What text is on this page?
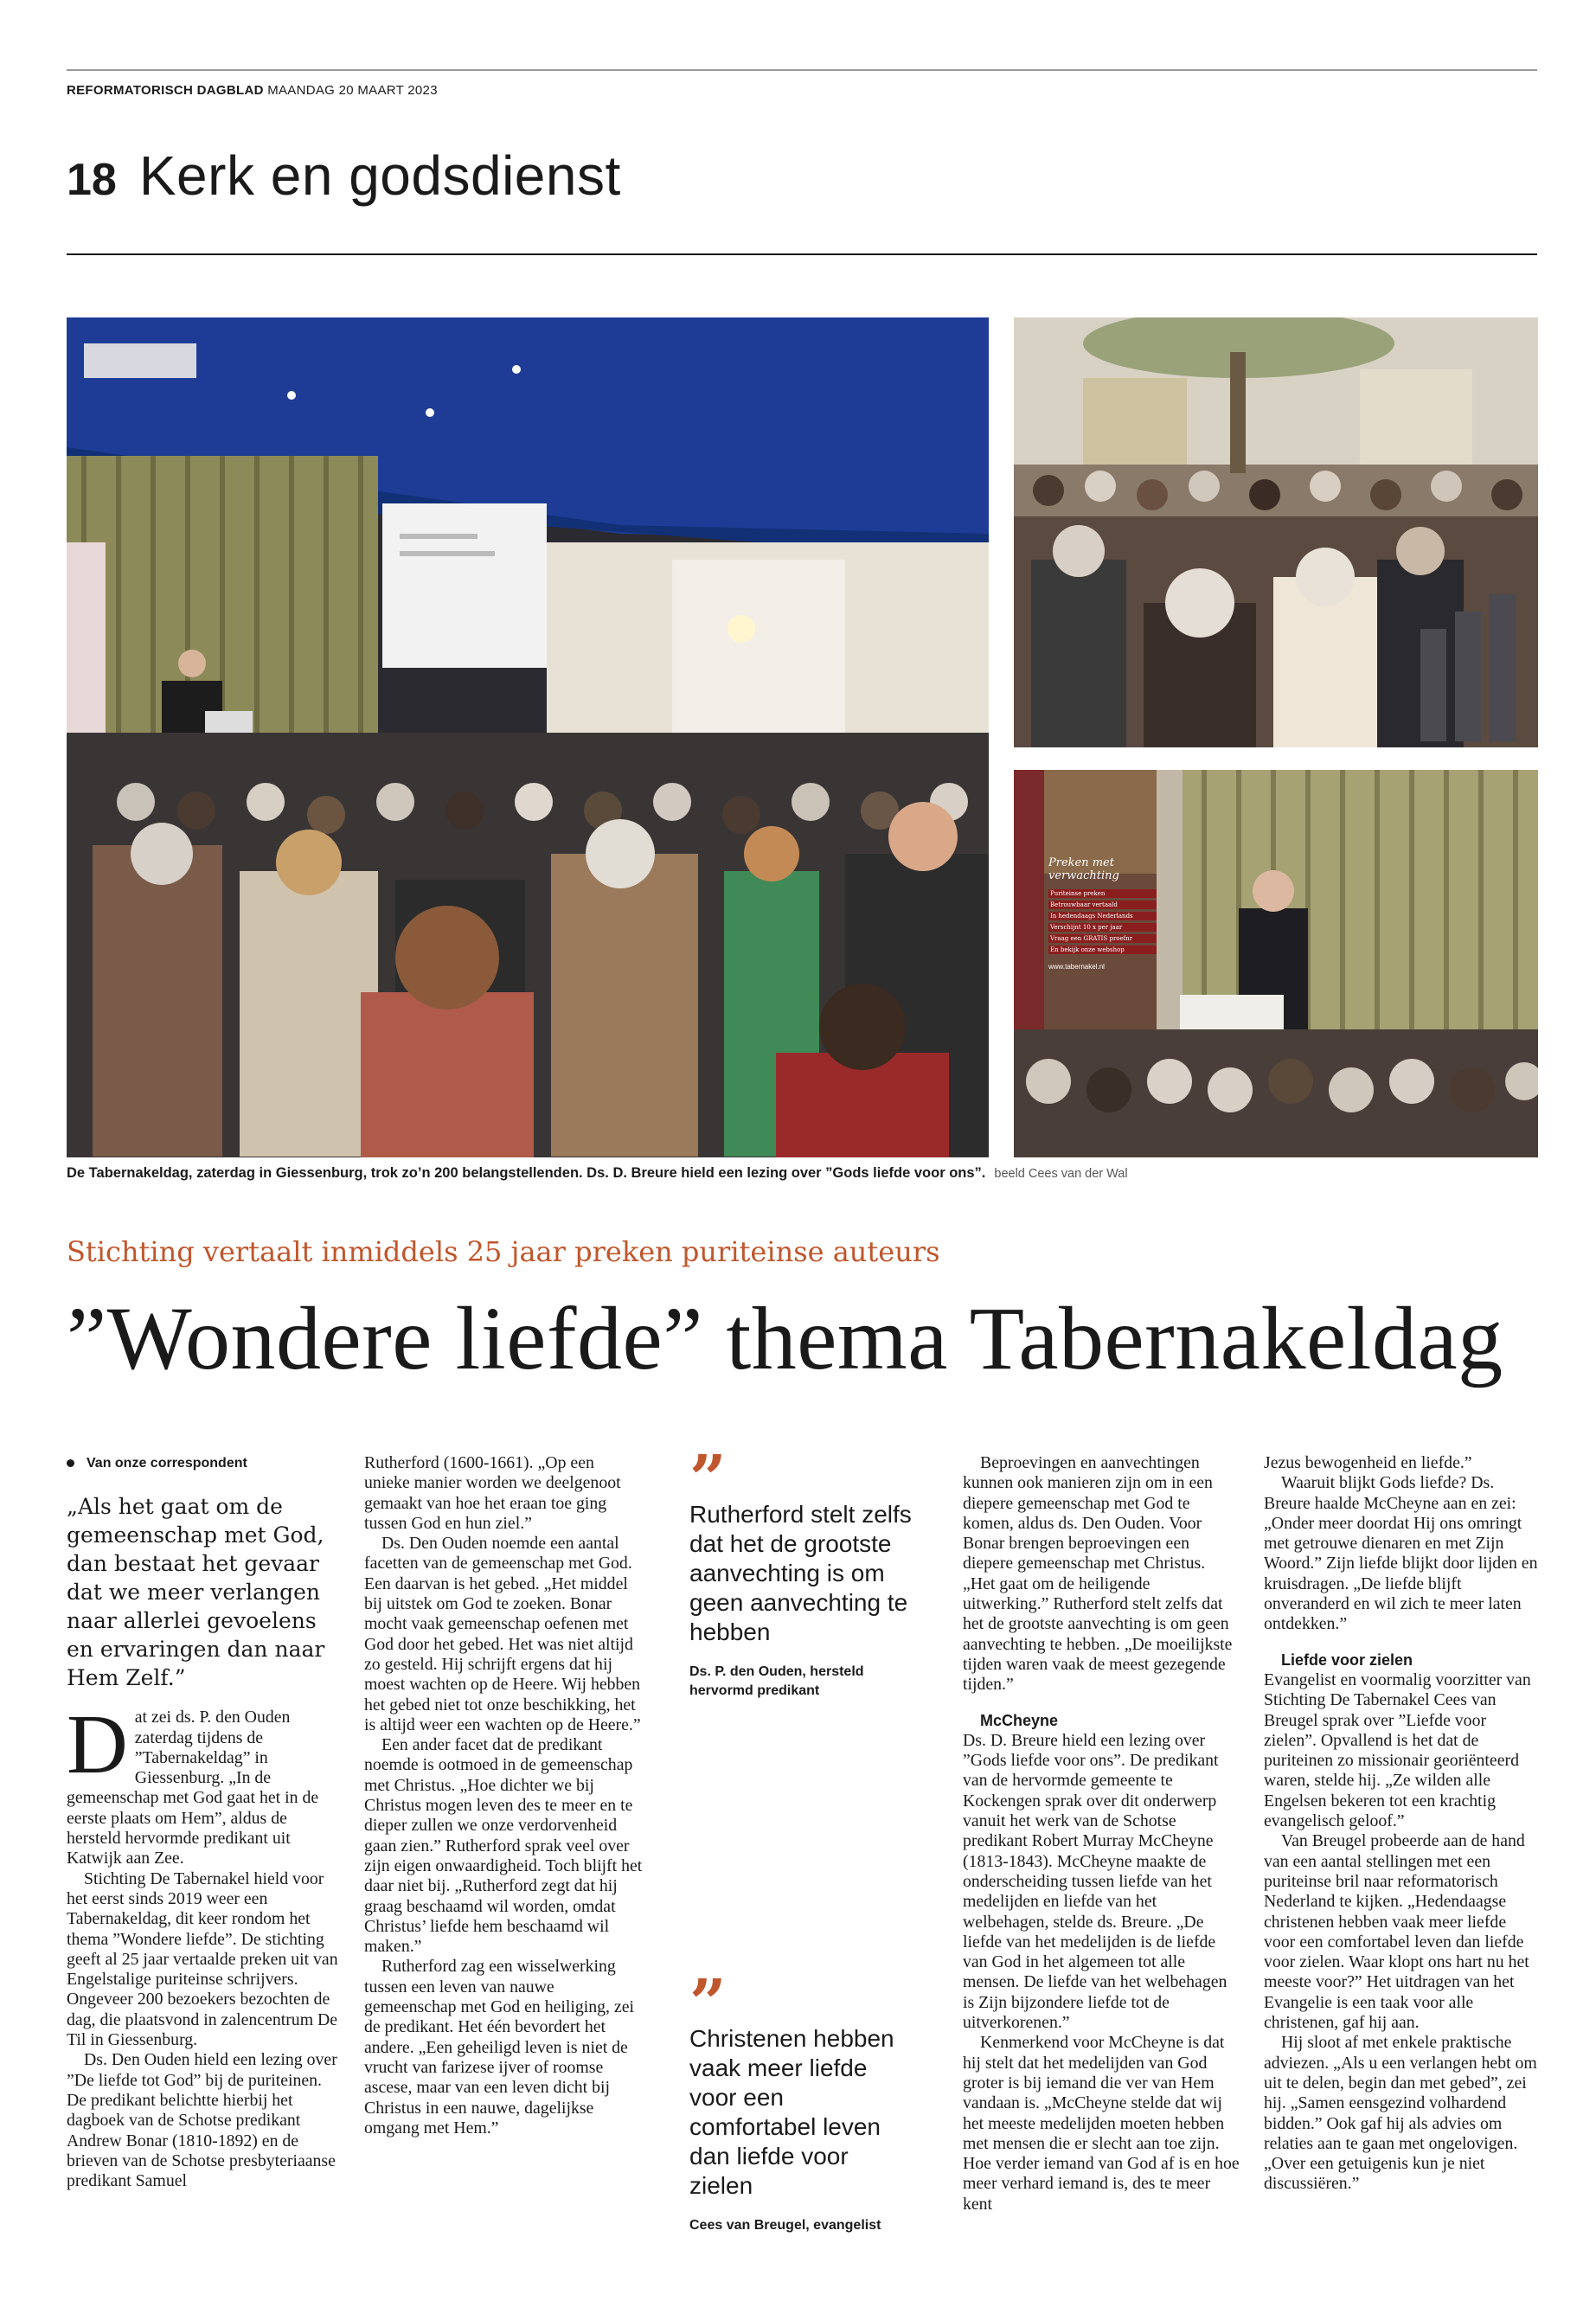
REFORMATORISCH DAGBLAD MAANDAG 20 MAART 2023
18 Kerk en godsdienst
Preken met verwachting
Puriteinse preken
Betrouwbaar vertaald
In hedendaags Nederlands
Verschijnt 10 x per jaar
Vraag een GRATIS proefnr
En bekijk onze webshop
www.tabernakel.nl
De Tabernakeldag, zaterdag in Giessenburg, trok zo’n 200 belangstellenden. Ds. D. Breure hield een lezing over ”Gods liefde voor ons”. beeld Cees van der Wal
Stichting vertaalt inmiddels 25 jaar preken puriteinse auteurs
”Wondere liefde” thema Tabernakeldag
Van onze correspondent
„Als het gaat om de gemeenschap met God, dan bestaat het gevaar dat we meer verlangen naar allerlei gevoelens en ervaringen dan naar Hem Zelf.”

Dat zei ds. P. den Ouden zaterdag tijdens de ”Tabernakeldag” in Giessenburg. „In de gemeenschap met God gaat het in de eerste plaats om Hem”, aldus de hersteld hervormde predikant uit Katwijk aan Zee.

Stichting De Tabernakel hield voor het eerst sinds 2019 weer een Tabernakeldag, dit keer rondom het thema ”Wondere liefde”. De stichting geeft al 25 jaar vertaalde preken uit van Engelstalige puriteinse schrijvers. Ongeveer 200 bezoekers bezochten de dag, die plaatsvond in zalencentrum De Til in Giessenburg.

Ds. Den Ouden hield een lezing over ”De liefde tot God” bij de puriteinen. De predikant belichtte hierbij het dagboek van de Schotse predikant Andrew Bonar (1810-1892) en de brieven van de Schotse presbyteriaanse predikant Samuel

Rutherford (1600-1661). „Op een unieke manier worden we deelgenoot gemaakt van hoe het eraan toe ging tussen God en hun ziel.”

Ds. Den Ouden noemde een aantal facetten van de gemeenschap met God. Een daarvan is het gebed. „Het middel bij uitstek om God te zoeken. Bonar mocht vaak gemeenschap oefenen met God door het gebed. Het was niet altijd zo gesteld. Hij schrijft ergens dat hij moest wachten op de Heere. Wij hebben het gebed niet tot onze beschikking, het is altijd weer een wachten op de Heere.”

Een ander facet dat de predikant noemde is ootmoed in de gemeenschap met Christus. „Hoe dichter we bij Christus mogen leven des te meer en te dieper zullen we onze verdorvenheid gaan zien.” Rutherford sprak veel over zijn eigen onwaardigheid. Toch blijft het daar niet bij. „Rutherford zegt dat hij graag beschaamd wil worden, omdat Christus’ liefde hem beschaamd wil maken.”

Rutherford zag een wisselwerking tussen een leven van nauwe gemeenschap met God en heiliging, zei de predikant. Het één bevordert het andere. „Een geheiligd leven is niet de vrucht van farizese ijver of roomse ascese, maar van een leven dicht bij Christus in een nauwe, dagelijkse omgang met Hem.”

”
Rutherford stelt zelfs dat het de grootste aanvechting is om geen aanvechting te hebben
Ds. P. den Ouden, hersteld hervormd predikant
”
Christenen hebben vaak meer liefde voor een comfortabel leven dan liefde voor zielen
Cees van Breugel, evangelist

Beproevingen en aanvechtingen kunnen ook manieren zijn om in een diepere gemeenschap met God te komen, aldus ds. Den Ouden. Voor Bonar brengen beproevingen een diepere gemeenschap met Christus. „Het gaat om de heiligende uitwerking.” Rutherford stelt zelfs dat het de grootste aanvechting is om geen aanvechting te hebben. „De moeilijkste tijden waren vaak de meest gezegende tijden.”

McCheyne

Ds. D. Breure hield een lezing over ”Gods liefde voor ons”. De predikant van de hervormde gemeente te Kockengen sprak over dit onderwerp vanuit het werk van de Schotse predikant Robert Murray McCheyne (1813-1843). McCheyne maakte de onderscheiding tussen liefde van het medelijden en liefde van het welbehagen, stelde ds. Breure. „De liefde van het medelijden is de liefde van God in het algemeen tot alle mensen. De liefde van het welbehagen is Zijn bijzondere liefde tot de uitverkorenen.”

Kenmerkend voor McCheyne is dat hij stelt dat het medelijden van God groter is bij iemand die ver van Hem vandaan is. „McCheyne stelde dat wij het meeste medelijden moeten hebben met mensen die er slecht aan toe zijn. Hoe verder iemand van God af is en hoe meer verhard iemand is, des te meer kent

Jezus bewogenheid en liefde.”

Waaruit blijkt Gods liefde? Ds. Breure haalde McCheyne aan en zei: „Onder meer doordat Hij ons omringt met getrouwe dienaren en met Zijn Woord.” Zijn liefde blijkt door lijden en kruisdragen. „De liefde blijft onveranderd en wil zich te meer laten ontdekken.”

Liefde voor zielen

Evangelist en voormalig voorzitter van Stichting De Tabernakel Cees van Breugel sprak over ”Liefde voor zielen”. Opvallend is het dat de puriteinen zo missionair georiënteerd waren, stelde hij. „Ze wilden alle Engelsen bekeren tot een krachtig evangelisch geloof.”

Van Breugel probeerde aan de hand van een aantal stellingen met een puriteinse bril naar reformatorisch Nederland te kijken. „Hedendaagse christenen hebben vaak meer liefde voor een comfortabel leven dan liefde voor zielen. Waar klopt ons hart nu het meeste voor?” Het uitdragen van het Evangelie is een taak voor alle christenen, gaf hij aan.

Hij sloot af met enkele praktische adviezen. „Als u een verlangen hebt om uit te delen, begin dan met gebed”, zei hij. „Samen eensgezind volhardend bidden.” Ook gaf hij als advies om relaties aan te gaan met ongelovigen. „Over een getuigenis kun je niet discussiëren.”
